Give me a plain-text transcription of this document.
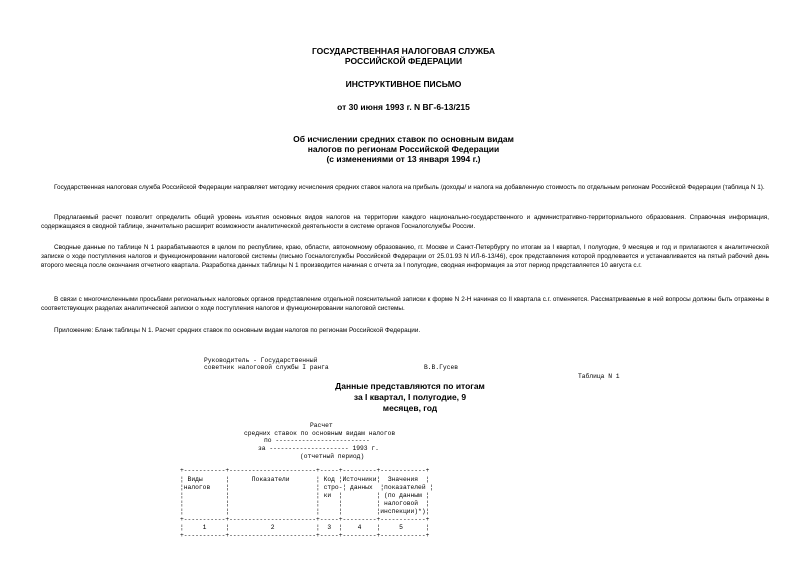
ГОСУДАРСТВЕННАЯ НАЛОГОВАЯ СЛУЖБА
РОССИЙСКОЙ ФЕДЕРАЦИИ
ИНСТРУКТИВНОЕ ПИСЬМО
от 30 июня 1993 г. N ВГ-6-13/215
Об исчислении средних ставок по основным видам
налогов по регионам Российской Федерации
(с изменениями от 13 января 1994 г.)
Государственная налоговая служба Российской Федерации направляет методику исчисления средних ставок налога на прибыль /доходы/ и налога на добавленную стоимость по отдельным регионам Российской Федерации (таблица N 1).
Предлагаемый расчет позволит определить общий уровень изъятия основных видов налогов на территории каждого национально-государственного и административно-территориального образования. Справочная информация, содержащаяся в сводной таблице, значительно расширит возможности аналитической деятельности в системе органов Госналогслужбы России.
Сводные данные по таблице N 1 разрабатываются в целом по республике, краю, области, автономному образованию, гг. Москве и Санкт-Петербургу по итогам за I квартал, I полугодие, 9 месяцев и год и прилагаются к аналитической записке о ходе поступления налогов и функционировании налоговой системы (письмо Госналогслужбы Российской Федерации от 25.01.93 N ИЛ-6-13/46), срок представления которой продлевается и устанавливается на пятый рабочий день второго месяца после окончания отчетного квартала. Разработка данных таблицы N 1 производится начиная с отчета за I полугодие, сводная информация за этот период представляется 10 августа с.г.
В связи с многочисленными просьбами региональных налоговых органов представление отдельной пояснительной записки к форме N 2-Н начиная со II квартала с.г. отменяется. Рассматриваемые в ней вопросы должны быть отражены в соответствующих разделах аналитической записки о ходе поступления налогов и функционировании налоговой системы.
Приложение: Бланк таблицы N 1. Расчет средних ставок по основным видам налогов по регионам Российской Федерации.
Руководитель - Государственный
советник налоговой службы I ранга	В.В.Гусев
Таблица N 1
Данные представляются по итогам
за I квартал, I полугодие, 9
месяцев, год
Расчет
средних ставок по основным видам налогов
по -------------------------
за --------------------- 1993 г.
(отчетный период)
+-----------+-----------------------+-----+---------+------------+
¦ Виды      ¦      Показатели       ¦ Код ¦Источники¦  Значения  ¦
¦налогов    ¦                       ¦ стро-¦ данных  ¦показателей ¦
¦           ¦                       ¦ ки  ¦         ¦ (по данным ¦
¦           ¦                       ¦     ¦         ¦ налоговой  ¦
¦           ¦                       ¦     ¦         ¦инспекции)*)¦
+-----------+-----------------------+-----+---------+------------+
¦     1     ¦           2           ¦  3  ¦    4    ¦     5      ¦
+-----------+-----------------------+-----+---------+------------+
